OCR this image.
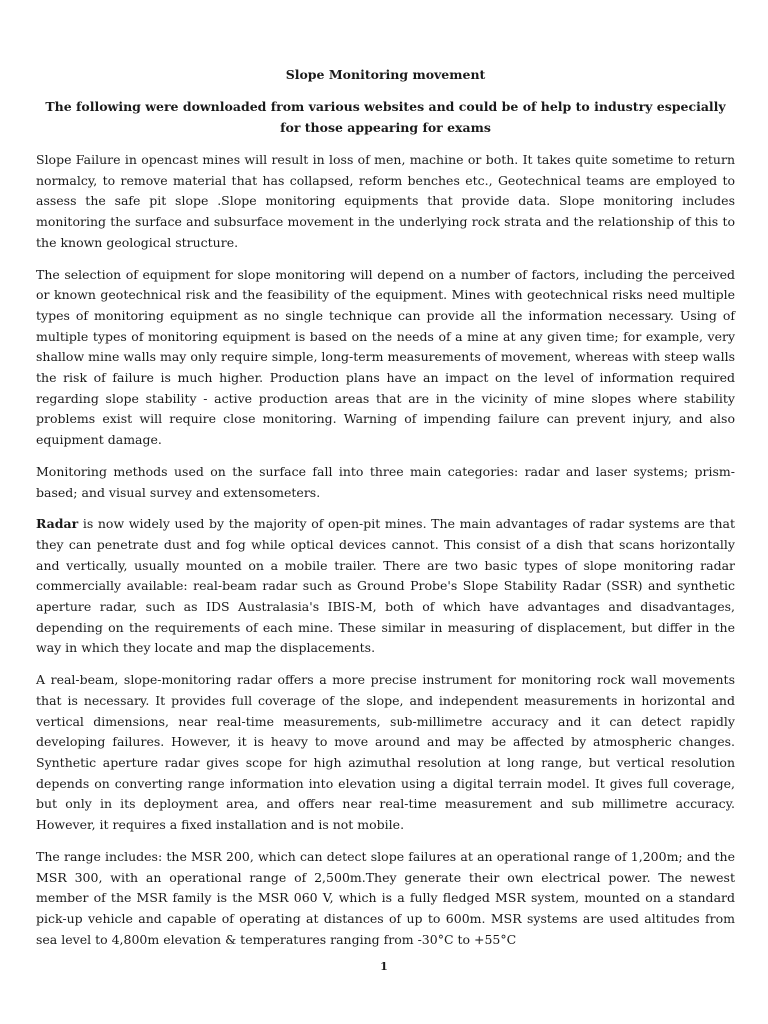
Slope Monitoring movement
The following were downloaded from various websites and could be of help to industry especially for those appearing for exams

Slope Failure in opencast mines will result in loss of men, machine or both. It takes quite sometime to return normalcy, to remove material that has collapsed, reform benches etc., Geotechnical teams are employed to assess the safe pit slope .Slope monitoring equipments that provide data. Slope monitoring includes monitoring the surface and subsurface movement in the underlying rock strata and the relationship of this to the known geological structure.

The selection of equipment for slope monitoring will depend on a number of factors, including the perceived or known geotechnical risk and the feasibility of the equipment. Mines with geotechnical risks need multiple types of monitoring equipment as no single technique can provide all the information necessary. Using of multiple types of monitoring equipment is based on the needs of a mine at any given time; for example, very shallow mine walls may only require simple, long-term measurements of movement, whereas with steep walls the risk of failure is much higher. Production plans have an impact on the level of information required regarding slope stability - active production areas that are in the vicinity of mine slopes where stability problems exist will require close monitoring. Warning of impending failure can prevent injury, and also equipment damage.

Monitoring methods used on the surface fall into three main categories: radar and laser systems; prism-based; and visual survey and extensometers.

Radar is now widely used by the majority of open-pit mines. The main advantages of radar systems are that they can penetrate dust and fog while optical devices cannot. This consist of a dish that scans horizontally and vertically, usually mounted on a mobile trailer. There are two basic types of slope monitoring radar commercially available: real-beam radar such as Ground Probe's Slope Stability Radar (SSR) and synthetic aperture radar, such as IDS Australasia's IBIS-M, both of which have advantages and disadvantages, depending on the requirements of each mine. These similar in measuring of displacement, but differ in the way in which they locate and map the displacements.

A real-beam, slope-monitoring radar offers a more precise instrument for monitoring rock wall movements that is necessary. It provides full coverage of the slope, and independent measurements in horizontal and vertical dimensions, near real-time measurements, sub-millimetre accuracy and it can detect rapidly developing failures. However, it is heavy to move around and may be affected by atmospheric changes. Synthetic aperture radar gives scope for high azimuthal resolution at long range, but vertical resolution depends on converting range information into elevation using a digital terrain model. It gives full coverage, but only in its deployment area, and offers near real-time measurement and sub millimetre accuracy. However, it requires a fixed installation and is not mobile.

The range includes: the MSR 200, which can detect slope failures at an operational range of 1,200m; and the MSR 300, with an operational range of 2,500m.They generate their own electrical power. The newest member of the MSR family is the MSR 060 V, which is a fully fledged MSR system, mounted on a standard pick-up vehicle and capable of operating at distances of up to 600m. MSR systems are used altitudes from sea level to 4,800m elevation & temperatures ranging from -30°C to +55°C

1
